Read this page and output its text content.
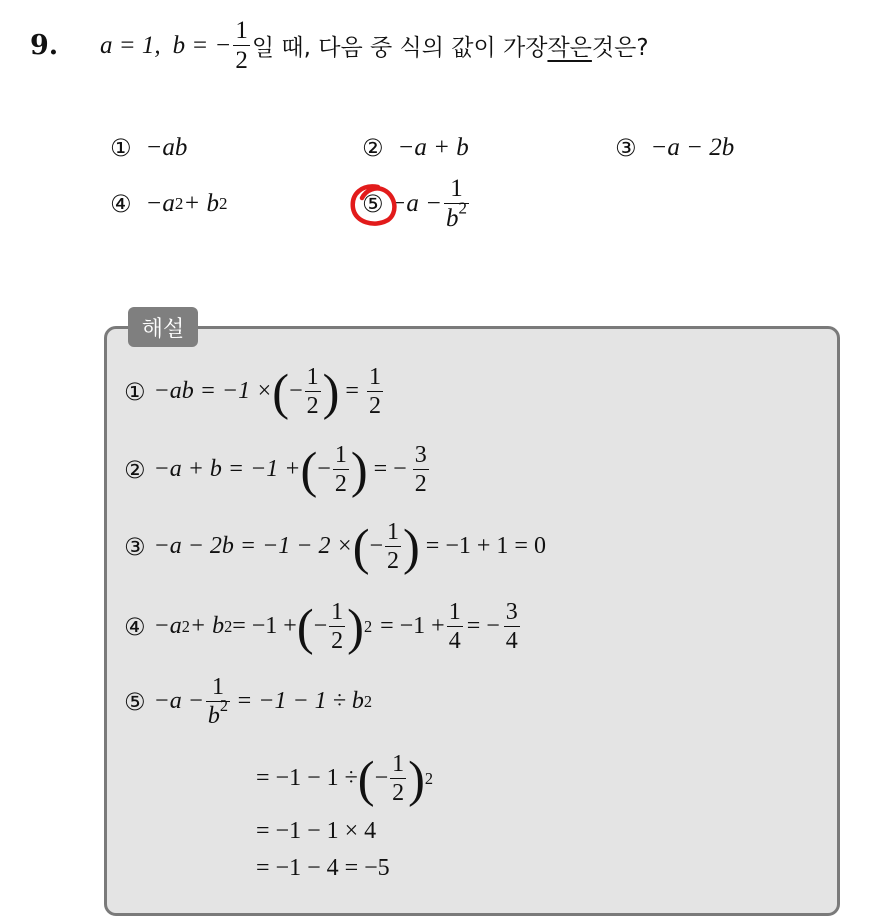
9. a = 1, b = − $\frac{1}{2}$ 일 때, 다음 중 식의 값이 가장 작은 것은?
① −ab	② −a + b	③ −a − 2b
④ −a 2 + b 2	⑤ $-a - \frac{1}{b^2}$
해설
① −ab = −1 × ( − $\frac{1}{2}$ ) = $\frac{1}{2}$
② −a + b = −1 + ( − $\frac{1}{2}$ ) = − $\frac{3}{2}$
③ −a − 2b = −1 − 2 × ( − $\frac{1}{2}$ ) = −1 + 1 = 0
④ −a 2 + b 2 = −1 + ( − $\frac{1}{2}$ ) $2 = -1 + \frac{1}{4}$ = − $\frac{3}{4}$
⑤ $-a - \frac{1}{b^2} = -1 - 1 \div b$ 2
= −1 − 1 ÷ ( − $\frac{1}{2}$ ) 2
= −1 − 1 × 4
= −1 − 4 = −5
